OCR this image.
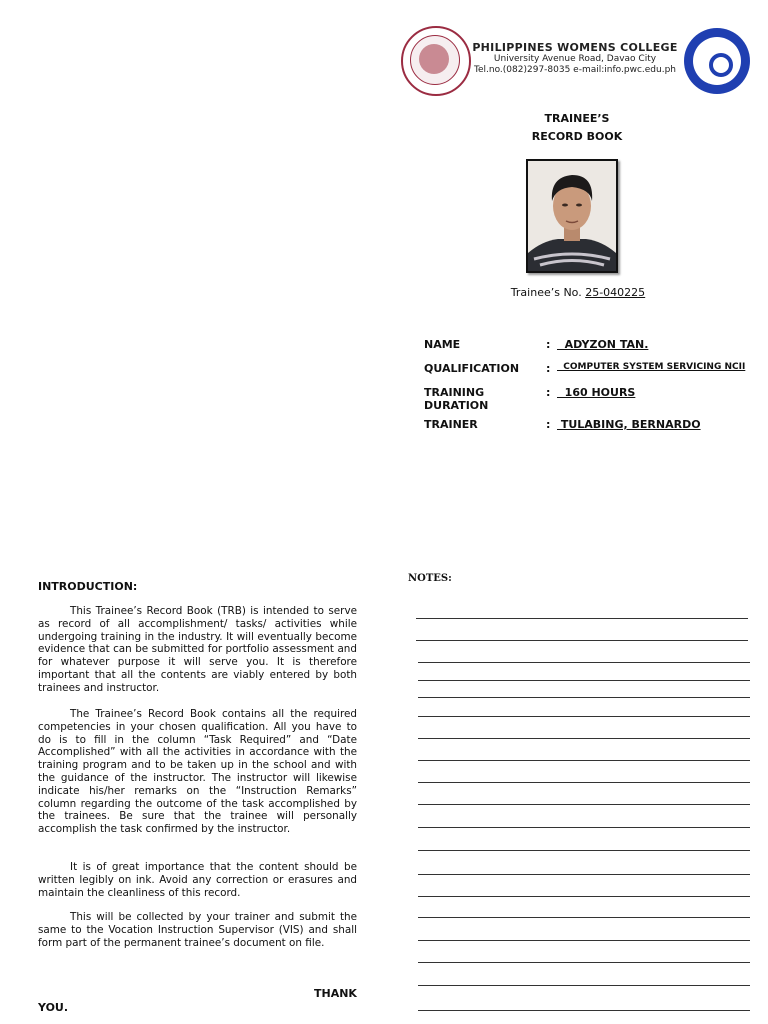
PHILIPPINES WOMENS COLLEGE
University Avenue Road, Davao City
Tel.no.(082)297-8035 e-mail:info.pwc.edu.ph
TRAINEE’S
RECORD BOOK
Trainee’s No. 25-040225
NAME	: ADYZON TAN.
QUALIFICATION : COMPUTER SYSTEM SERVICING NCII
TRAINING
DURATION
: 160 HOURS
TRAINER	: TULABING, BERNARDO
INTRODUCTION:
This Trainee’s Record Book (TRB) is intended to serve as record of all accomplishment/ tasks/ activities while undergoing training in the industry. It will eventually become evidence that can be submitted for portfolio assessment and for whatever purpose it will serve you. It is therefore important that all the contents are viably entered by both trainees and instructor.
The Trainee’s Record Book contains all the required competencies in your chosen qualification. All you have to do is to fill in the column “Task Required” and “Date Accomplished” with all the activities in accordance with the training program and to be taken up in the school and with the guidance of the instructor. The instructor will likewise indicate his/her remarks on the “Instruction Remarks” column regarding the outcome of the task accomplished by the trainees. Be sure that the trainee will personally accomplish the task confirmed by the instructor.
It is of great importance that the content should be written legibly on ink. Avoid any correction or erasures and maintain the cleanliness of this record.
This will be collected by your trainer and submit the same to the Vocation Instruction Supervisor (VIS) and shall form part of the permanent trainee’s document on file.
THANK
YOU.
NOTES:
